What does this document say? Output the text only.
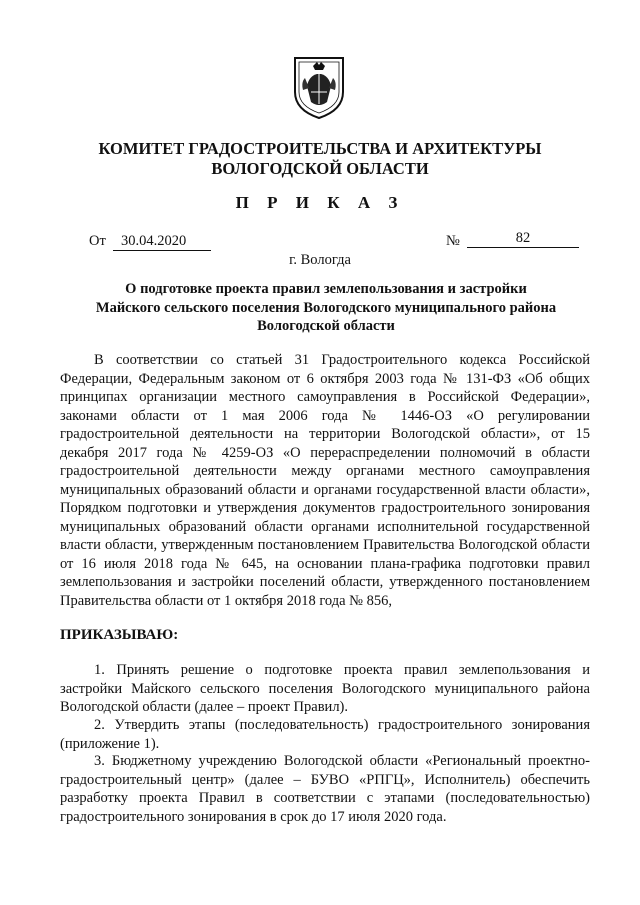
КОМИТЕТ ГРАДОСТРОИТЕЛЬСТВА И АРХИТЕКТУРЫ
ВОЛОГОДСКОЙ ОБЛАСТИ
П Р И К А З
От	30.04.2020	№	82
г. Вологда
О подготовке проекта правил землепользования и застройки
Майского сельского поселения Вологодского муниципального района
Вологодской области

В соответствии со статьей 31 Градостроительного кодекса Российской Федерации, Федеральным законом от 6 октября 2003 года № 131-ФЗ «Об общих принципах организации местного самоуправления в Российской Федерации», законами области от 1 мая 2006 года № 1446-ОЗ «О регулировании градостроительной деятельности на территории Вологодской области», от 15 декабря 2017 года № 4259-ОЗ «О перераспределении полномочий в области градостроительной деятельности между органами местного самоуправления муниципальных образований области и органами государственной власти области», Порядком подготовки и утверждения документов градостроительного зонирования муниципальных образований области органами исполнительной государственной власти области, утвержденным постановлением Правительства Вологодской области от 16 июля 2018 года № 645, на основании плана-графика подготовки правил землепользования и застройки поселений области, утвержденного постановлением Правительства области от 1 октября 2018 года № 856,

ПРИКАЗЫВАЮ:

1. Принять решение о подготовке проекта правил землепользования и застройки Майского сельского поселения Вологодского муниципального района Вологодской области (далее – проект Правил).

2. Утвердить этапы (последовательность) градостроительного зонирования (приложение 1).

3. Бюджетному учреждению Вологодской области «Региональный проектно-градостроительный центр» (далее – БУВО «РПГЦ», Исполнитель) обеспечить разработку проекта Правил в соответствии с этапами (последовательностью) градостроительного зонирования в срок до 17 июля 2020 года.
